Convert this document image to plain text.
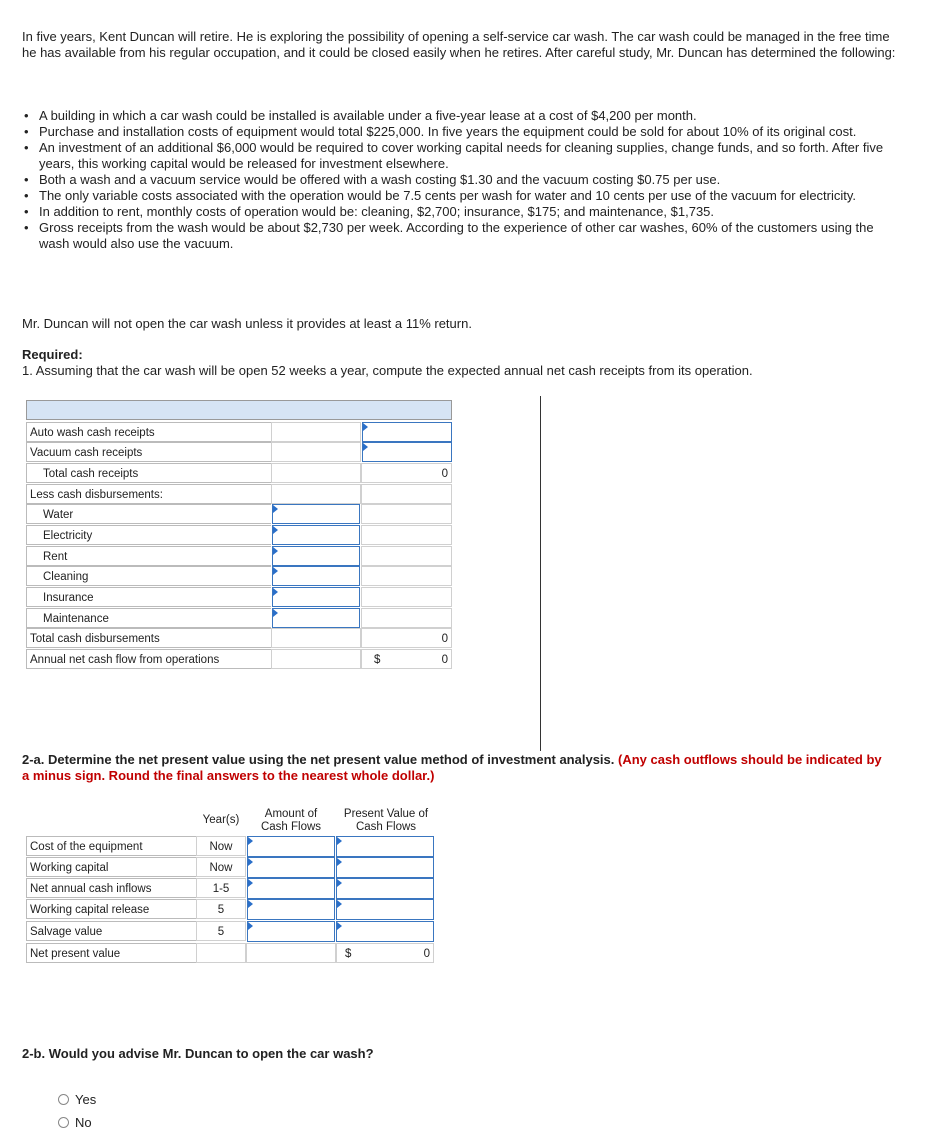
In five years, Kent Duncan will retire. He is exploring the possibility of opening a self-service car wash. The car wash could be managed in the free time he has available from his regular occupation, and it could be closed easily when he retires. After careful study, Mr. Duncan has determined the following:
• A building in which a car wash could be installed is available under a five-year lease at a cost of $4,200 per month.
• Purchase and installation costs of equipment would total $225,000. In five years the equipment could be sold for about 10% of its original cost.
• An investment of an additional $6,000 would be required to cover working capital needs for cleaning supplies, change funds, and so forth. After five years, this working capital would be released for investment elsewhere.
• Both a wash and a vacuum service would be offered with a wash costing $1.30 and the vacuum costing $0.75 per use.
• The only variable costs associated with the operation would be 7.5 cents per wash for water and 10 cents per use of the vacuum for electricity.
• In addition to rent, monthly costs of operation would be: cleaning, $2,700; insurance, $175; and maintenance, $1,735.
• Gross receipts from the wash would be about $2,730 per week. According to the experience of other car washes, 60% of the customers using the wash would also use the vacuum.
Mr. Duncan will not open the car wash unless it provides at least a 11% return.
Required:
1. Assuming that the car wash will be open 52 weeks a year, compute the expected annual net cash receipts from its operation.
Auto wash cash receipts
Vacuum cash receipts
Total cash receipts	0
Less cash disbursements:
Water
Electricity
Rent
Cleaning
Insurance
Maintenance
Total cash disbursements	0
Annual net cash flow from operations	$	0
2-a. Determine the net present value using the net present value method of investment analysis. (Any cash outflows should be indicated by a minus sign. Round the final answers to the nearest whole dollar.)
Year(s)	Amount of
Cash Flows
Present Value of
Cash Flows
Cost of the equipment	Now
Working capital	Now
Net annual cash inflows	1-5
Working capital release	5
Salvage value	5
Net present value	$	0
2-b. Would you advise Mr. Duncan to open the car wash?
Yes
No
